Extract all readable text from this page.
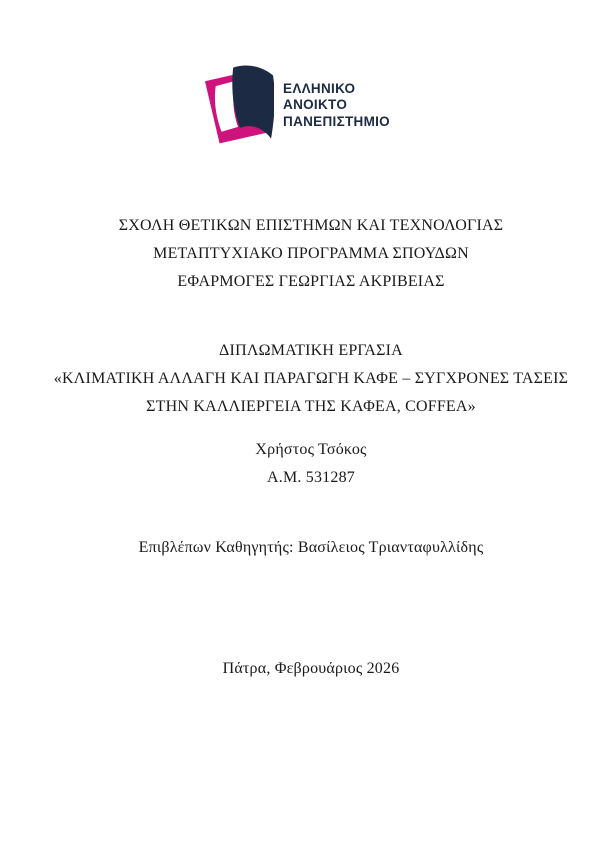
ΕΛΛΗΝΙΚΟ
ΑΝΟΙΚΤΟ
ΠΑΝΕΠΙΣΤΗΜΙΟ
ΣΧΟΛΗ ΘΕΤΙΚΩΝ ΕΠΙΣΤΗΜΩΝ ΚΑΙ ΤΕΧΝΟΛΟΓΙΑΣ
ΜΕΤΑΠΤΥΧΙΑΚΟ ΠΡΟΓΡΑΜΜΑ ΣΠΟΥΔΩΝ
ΕΦΑΡΜΟΓΕΣ ΓΕΩΡΓΙΑΣ ΑΚΡΙΒΕΙΑΣ
ΔΙΠΛΩΜΑΤΙΚΗ ΕΡΓΑΣΙΑ
«ΚΛΙΜΑΤΙΚΗ ΑΛΛΑΓΗ ΚΑΙ ΠΑΡΑΓΩΓΗ ΚΑΦΕ – ΣΥΓΧΡΟΝΕΣ ΤΑΣΕΙΣ
ΣΤΗΝ ΚΑΛΛΙΕΡΓΕΙΑ ΤΗΣ ΚΑΦΕΑ, COFFEA»
Χρήστος Τσόκος
Α.Μ. 531287
Επιβλέπων Καθηγητής: Βασίλειος Τριανταφυλλίδης
Πάτρα, Φεβρουάριος 2026
